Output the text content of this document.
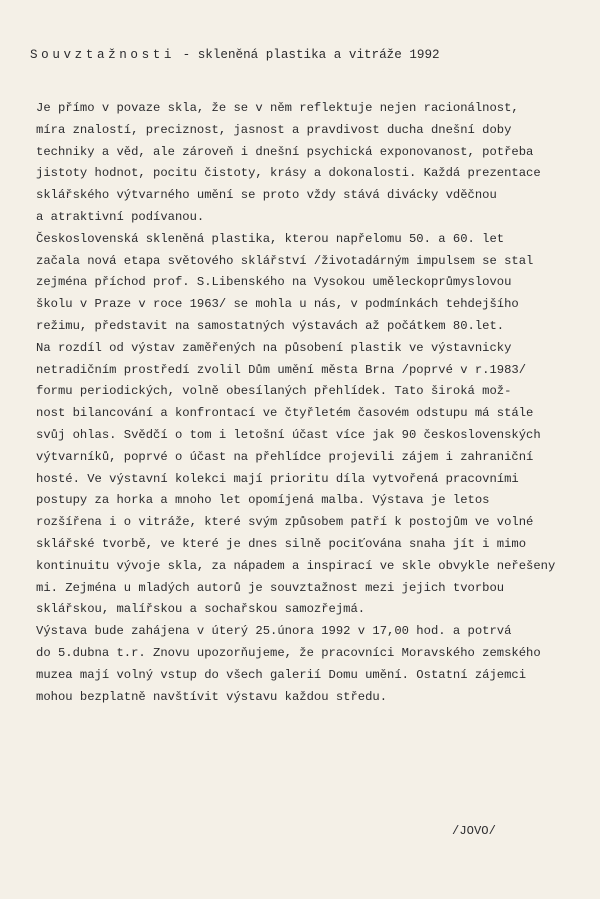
Souvztažnosti - skleněná plastika a vitráže 1992
Je přímo v povaze skla, že se v něm reflektuje nejen racionálnost,
míra znalostí, preciznost, jasnost a pravdivost ducha dnešní doby
techniky a věd, ale zároveň i dnešní psychická exponovanost, potřeba
jistoty hodnot, pocitu čistoty, krásy a dokonalosti. Každá prezentace
sklářského výtvarného umění se proto vždy stává divácky vděčnou
a atraktivní podívanou.
Československá skleněná plastika, kterou napřelomu 50. a 60. let
začala nová etapa světového sklářství /životadárným impulsem se stal
zejména příchod prof. S.Libenského na Vysokou uměleckoprůmyslovou
školu v Praze v roce 1963/ se mohla u nás, v podmínkách tehdejšího
režimu, představit na samostatných výstavách až počátkem 80.let.
Na rozdíl od výstav zaměřených na působení plastik ve výstavnicky
netradičním prostředí zvolil Dům umění města Brna /poprvé v r.1983/
formu periodických, volně obesílaných přehlídek. Tato široká mož-
nost bilancování a konfrontací ve čtyřletém časovém odstupu má stále
svůj ohlas. Svědčí o tom i letošní účast více jak 90 československých
výtvarníků, poprvé o účast na přehlídce projevili zájem i zahraniční
hosté. Ve výstavní kolekci mají prioritu díla vytvořená pracovními
postupy za horka a mnoho let opomíjená malba. Výstava je letos
rozšířena i o vitráže, které svým způsobem patří k postojům ve volné
sklářské tvorbě, ve které je dnes silně pociťována snaha jít i mimo
kontinuitu vývoje skla, za nápadem a inspirací ve skle obvykle neřešeny
mi. Zejména u mladých autorů je souvztažnost mezi jejich tvorbou
sklářskou, malířskou a sochařskou samozřejmá.
Výstava bude zahájena v úterý 25.února 1992 v 17,00 hod. a potrvá
do 5.dubna t.r. Znovu upozorňujeme, že pracovníci Moravského zemského
muzea mají volný vstup do všech galerií Domu umění. Ostatní zájemci
mohou bezplatně navštívit výstavu každou středu.
/JOVO/
